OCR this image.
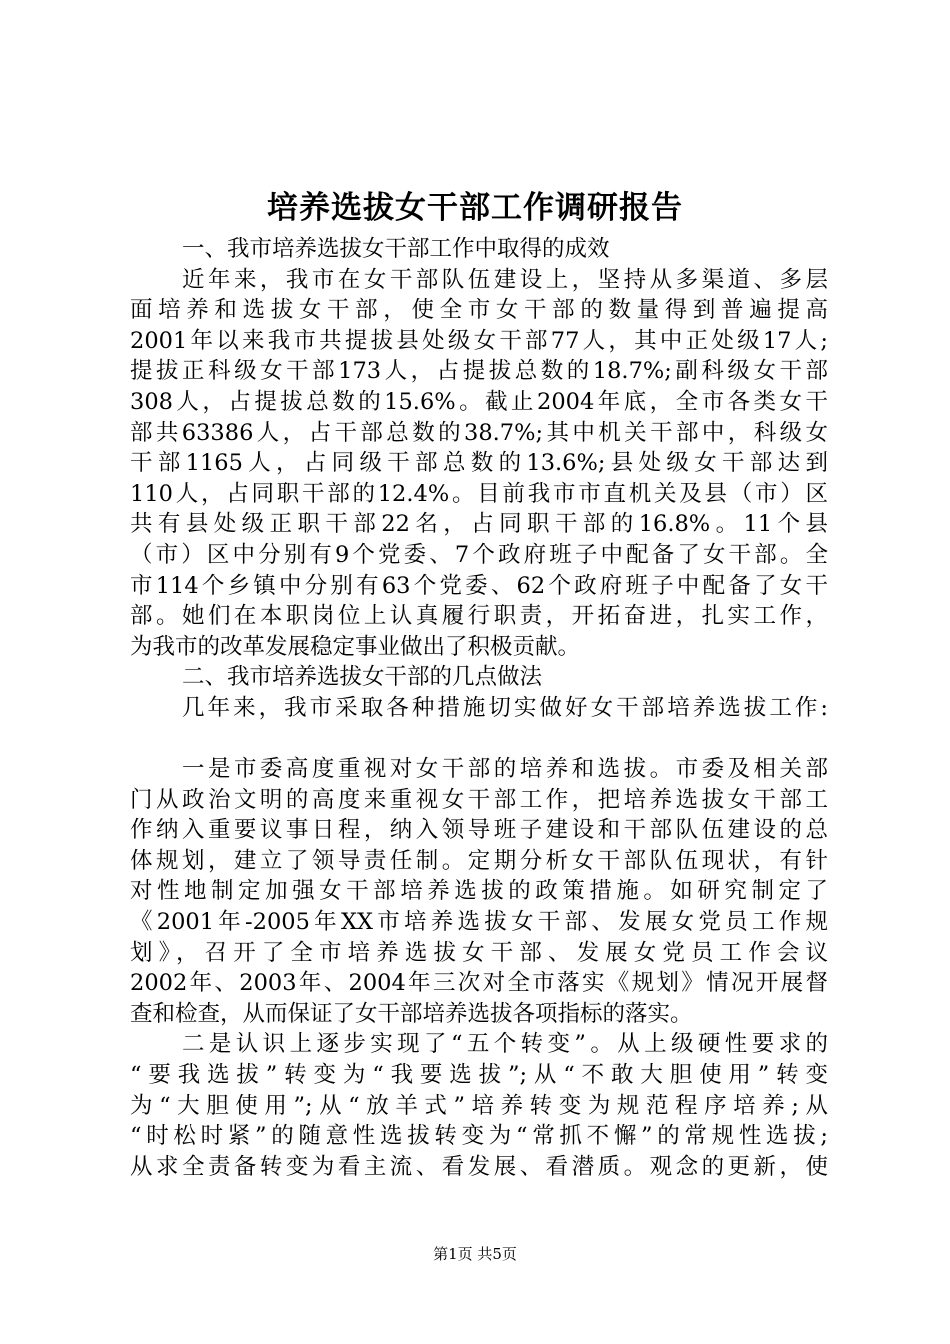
培养选拔女干部工作调研报告
一、我市培养选拔女干部工作中取得的成效
近年来，我市在女干部队伍建设上，坚持从多渠道、多层
面培养和选拔女干部，使全市女干部的数量得到普遍提高
2001年以来我市共提拔县处级女干部77人，其中正处级17人;
提拔正科级女干部173人，占提拔总数的18.7%;副科级女干部
308人，占提拔总数的15.6%。截止2004年底，全市各类女干
部共63386人，占干部总数的38.7%;其中机关干部中，科级女
干部1165人，占同级干部总数的13.6%;县处级女干部达到
110人，占同职干部的12.4%。目前我市市直机关及县（市）区
共有县处级正职干部22名，占同职干部的16.8%。11个县
（市）区中分别有9个党委、7个政府班子中配备了女干部。全
市114个乡镇中分别有63个党委、62个政府班子中配备了女干
部。她们在本职岗位上认真履行职责，开拓奋进，扎实工作，
为我市的改革发展稳定事业做出了积极贡献。
二、我市培养选拔女干部的几点做法
几年来，我市采取各种措施切实做好女干部培养选拔工作:
一是市委高度重视对女干部的培养和选拔。市委及相关部
门从政治文明的高度来重视女干部工作，把培养选拔女干部工
作纳入重要议事日程，纳入领导班子建设和干部队伍建设的总
体规划，建立了领导责任制。定期分析女干部队伍现状，有针
对性地制定加强女干部培养选拔的政策措施。如研究制定了
《2001年-2005年XX市培养选拔女干部、发展女党员工作规
划》，召开了全市培养选拔女干部、发展女党员工作会议
2002年、2003年、2004年三次对全市落实《规划》情况开展督
查和检查，从而保证了女干部培养选拔各项指标的落实。
二是认识上逐步实现了“五个转变”。从上级硬性要求的
“要我选拔”转变为“我要选拔”;从“不敢大胆使用”转变
为“大胆使用”;从“放羊式”培养转变为规范程序培养;从
“时松时紧”的随意性选拔转变为“常抓不懈”的常规性选拔;
从求全责备转变为看主流、看发展、看潜质。观念的更新，使
第1页 共5页
